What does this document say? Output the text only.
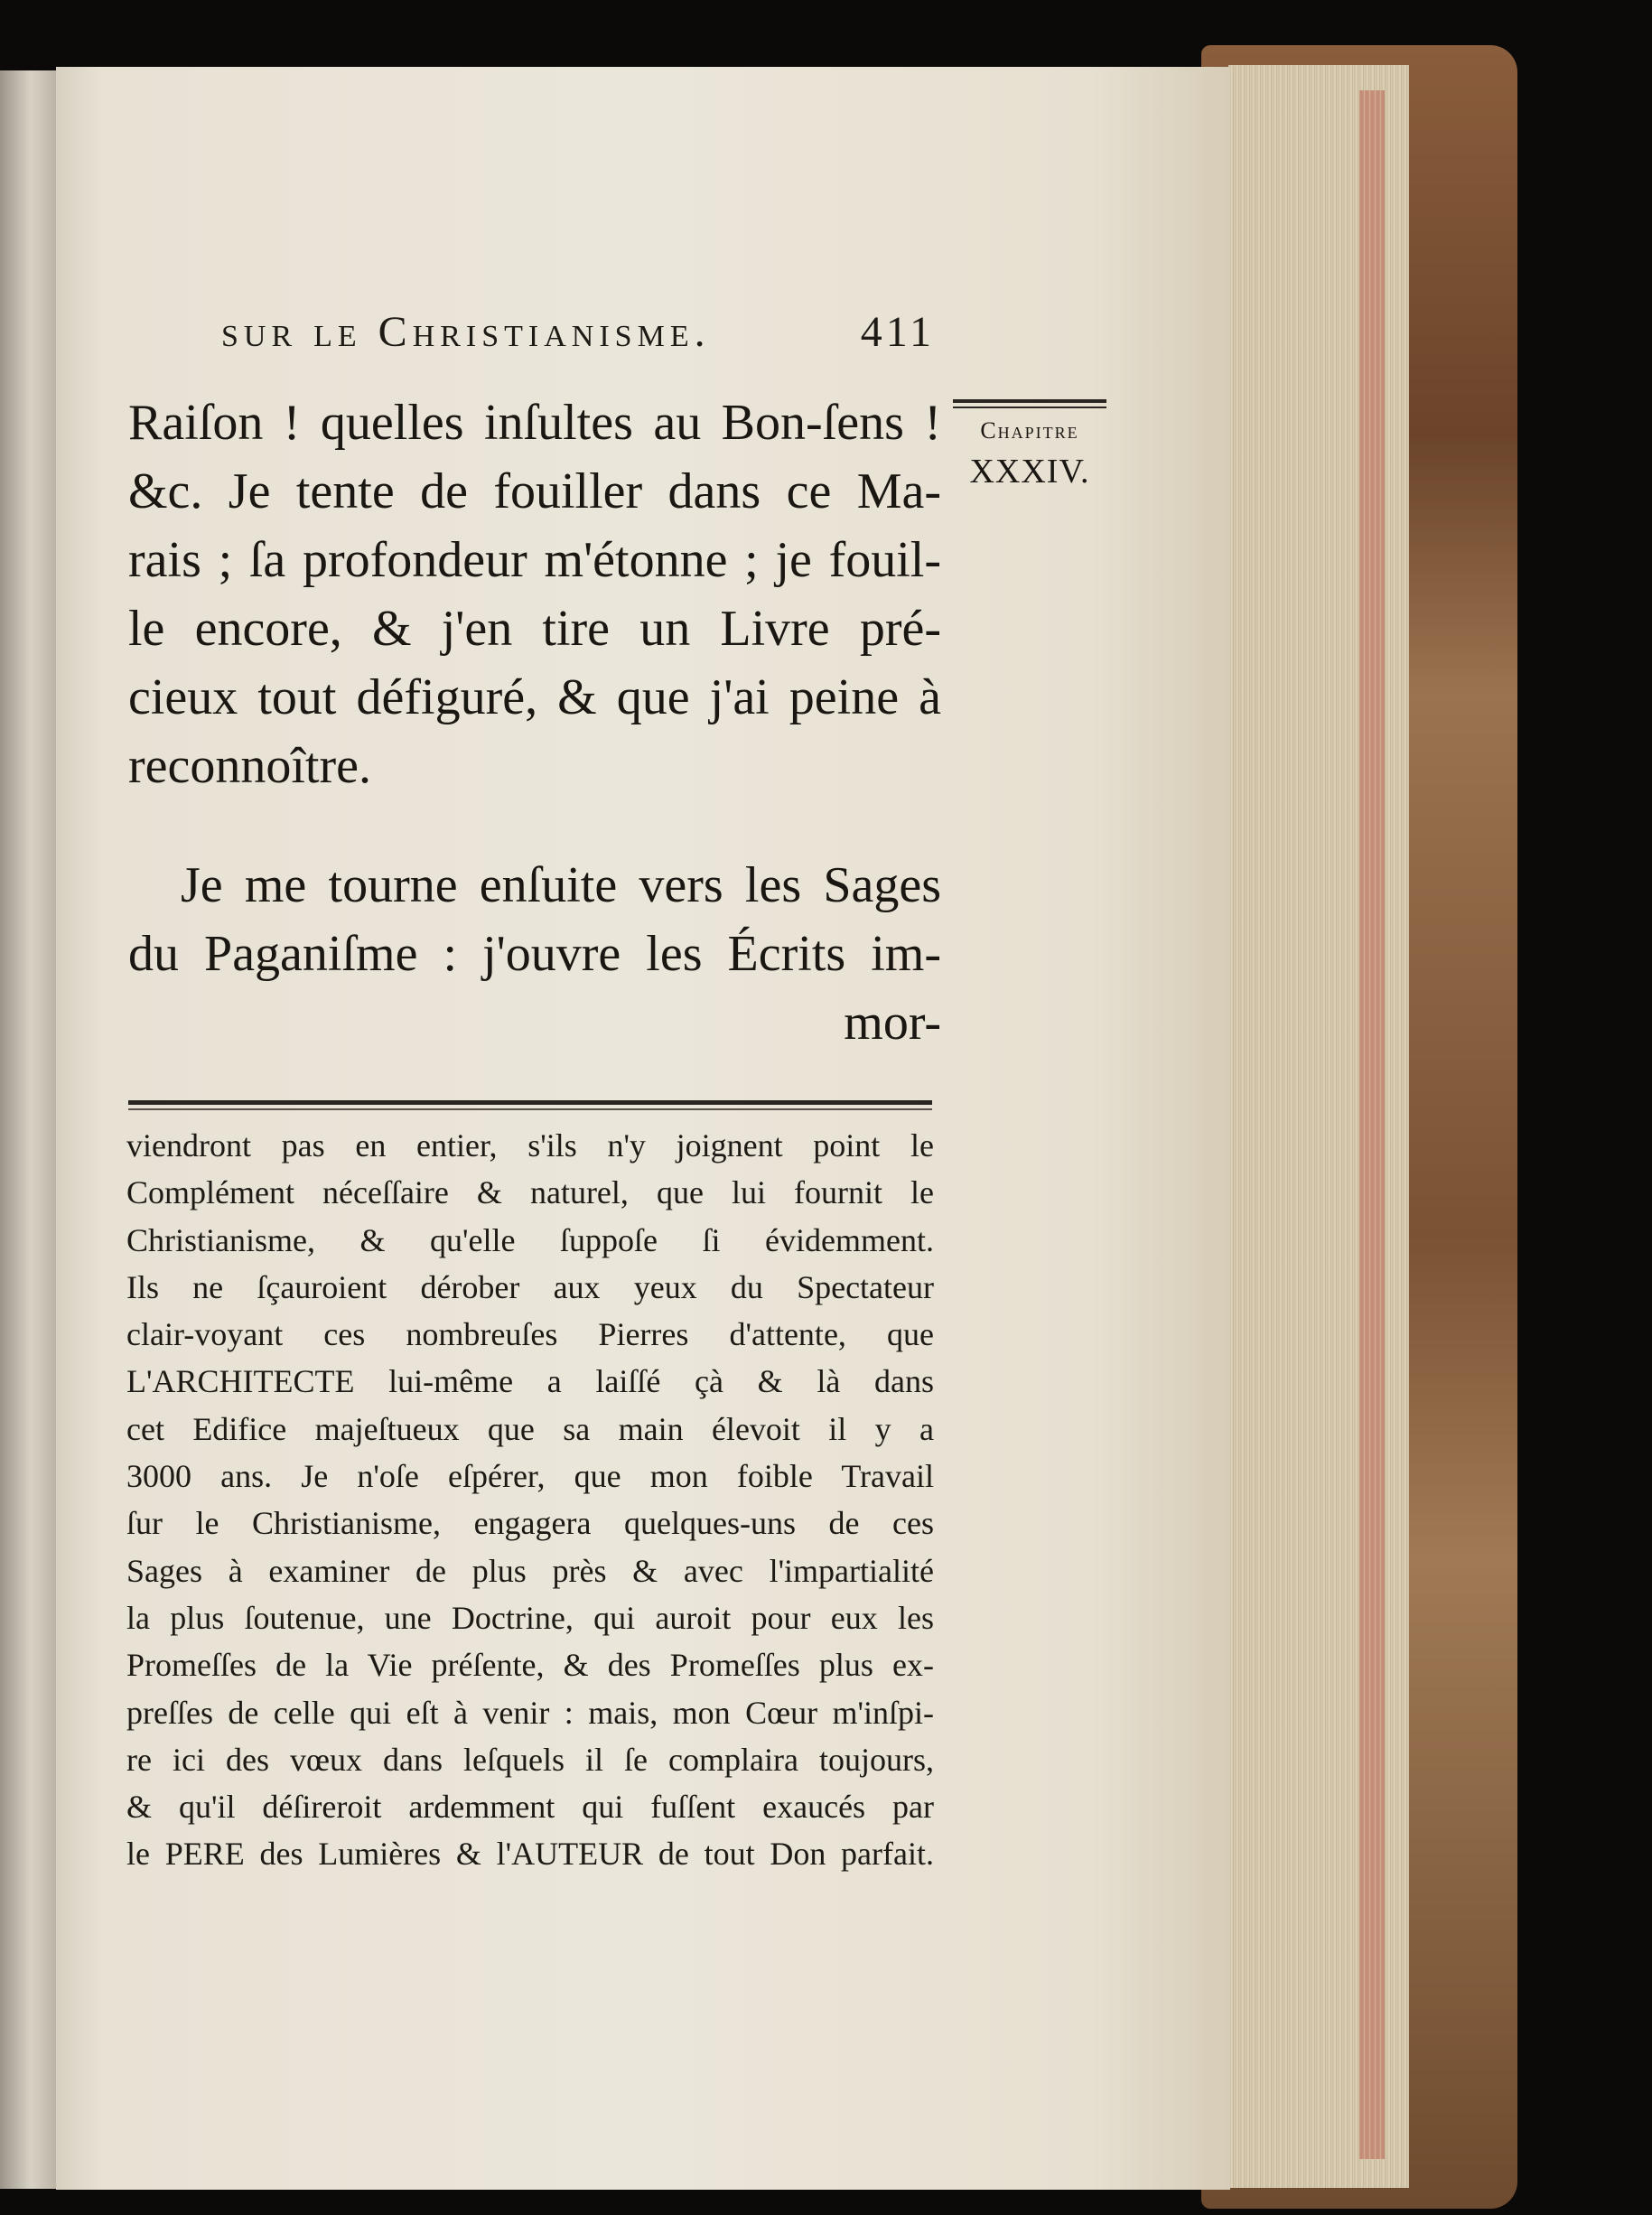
sur le Christianisme.	411
Chapitre
XXXIV.
Raiſon ! quelles inſultes au Bon-ſens !
&c. Je tente de fouiller dans ce Ma-
rais ; ſa profondeur m'étonne ; je fouil-
le encore, & j'en tire un Livre pré-
cieux tout défiguré, & que j'ai peine à
reconnoître.
Je me tourne enſuite vers les Sages
du Paganiſme : j'ouvre les Écrits im-
mor-
viendront pas en entier, s'ils n'y joignent point le
Complément néceſſaire & naturel, que lui fournit le
Christianisme, & qu'elle ſuppoſe ſi évidemment.
Ils ne ſçauroient dérober aux yeux du Spectateur
clair-voyant ces nombreuſes Pierres d'attente, que
L'ARCHITECTE lui-même a laiſſé çà & là dans
cet Edifice majeſtueux que sa main élevoit il y a
3000 ans. Je n'oſe eſpérer, que mon foible Travail
ſur le Christianisme, engagera quelques-uns de ces
Sages à examiner de plus près & avec l'impartialité
la plus ſoutenue, une Doctrine, qui auroit pour eux les
Promeſſes de la Vie préſente, & des Promeſſes plus ex-
preſſes de celle qui eſt à venir : mais, mon Cœur m'inſpi-
re ici des vœux dans leſquels il ſe complaira toujours,
& qu'il déſireroit ardemment qui fuſſent exaucés par
le PERE des Lumières & l'AUTEUR de tout Don parfait.
